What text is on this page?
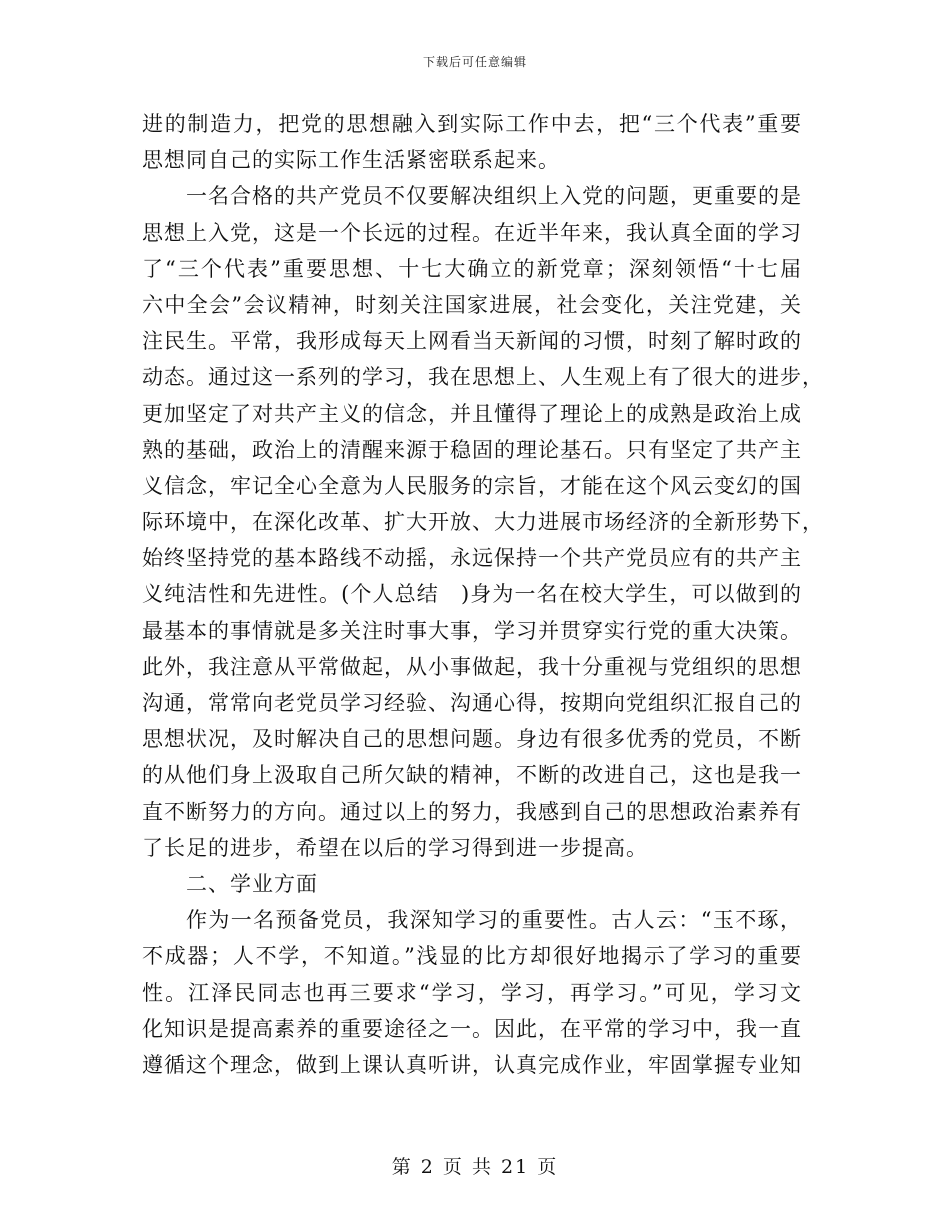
下载后可任意编辑
进的制造力，把党的思想融入到实际工作中去，把“三个代表”重要
思想同自己的实际工作生活紧密联系起来。
一名合格的共产党员不仅要解决组织上入党的问题，更重要的是
思想上入党，这是一个长远的过程。在近半年来，我认真全面的学习
了“三个代表”重要思想、十七大确立的新党章；深刻领悟“十七届
六中全会”会议精神，时刻关注国家进展，社会变化，关注党建，关
注民生。平常，我形成每天上网看当天新闻的习惯，时刻了解时政的
动态。通过这一系列的学习，我在思想上、人生观上有了很大的进步，
更加坚定了对共产主义的信念，并且懂得了理论上的成熟是政治上成
熟的基础，政治上的清醒来源于稳固的理论基石。只有坚定了共产主
义信念，牢记全心全意为人民服务的宗旨，才能在这个风云变幻的国
际环境中，在深化改革、扩大开放、大力进展市场经济的全新形势下，
始终坚持党的基本路线不动摇，永远保持一个共产党员应有的共产主
义纯洁性和先进性。(个人总结　)身为一名在校大学生，可以做到的
最基本的事情就是多关注时事大事，学习并贯穿实行党的重大决策。
此外，我注意从平常做起，从小事做起，我十分重视与党组织的思想
沟通，常常向老党员学习经验、沟通心得，按期向党组织汇报自己的
思想状况，及时解决自己的思想问题。身边有很多优秀的党员，不断
的从他们身上汲取自己所欠缺的精神，不断的改进自己，这也是我一
直不断努力的方向。通过以上的努力，我感到自己的思想政治素养有
了长足的进步，希望在以后的学习得到进一步提高。
二、学业方面
作为一名预备党员，我深知学习的重要性。古人云：“玉不琢，
不成器；人不学，不知道。”浅显的比方却很好地揭示了学习的重要
性。江泽民同志也再三要求“学习，学习，再学习。”可见，学习文
化知识是提高素养的重要途径之一。因此，在平常的学习中，我一直
遵循这个理念，做到上课认真听讲，认真完成作业，牢固掌握专业知
第 2 页 共 21 页
